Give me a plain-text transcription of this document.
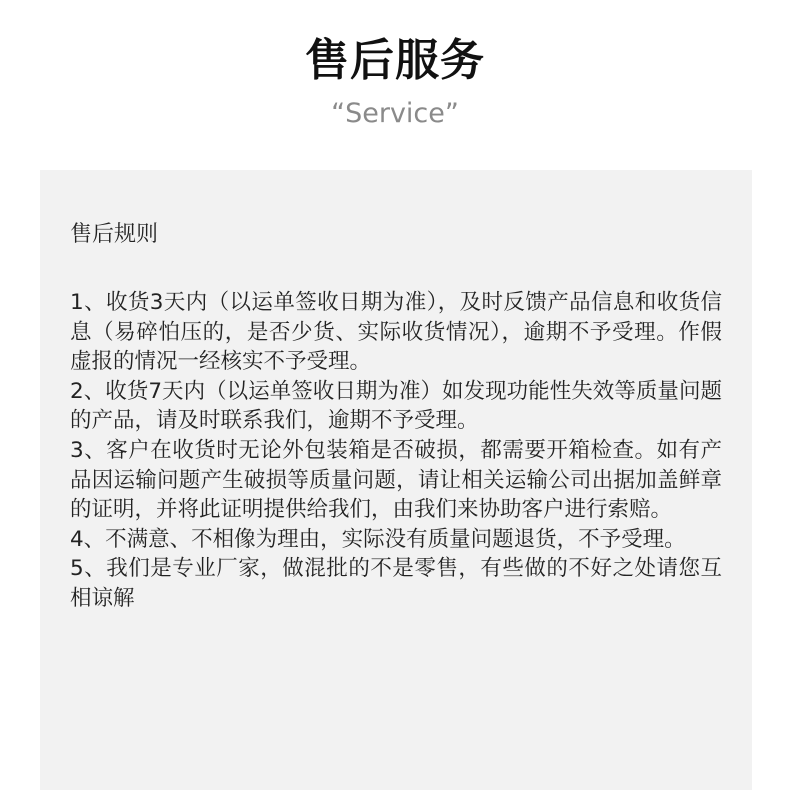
售后服务
“Service”
售后规则
1、收货3天内（以运单签收日期为准），及时反馈产品信息和收货信息（易碎怕压的，是否少货、实际收货情况），逾期不予受理。作假虚报的情况一经核实不予受理。
2、收货7天内（以运单签收日期为准）如发现功能性失效等质量问题的产品，请及时联系我们，逾期不予受理。
3、客户在收货时无论外包装箱是否破损，都需要开箱检查。如有产品因运输问题产生破损等质量问题，请让相关运输公司出据加盖鲜章的证明，并将此证明提供给我们，由我们来协助客户进行索赔。
4、不满意、不相像为理由，实际没有质量问题退货，不予受理。
5、我们是专业厂家，做混批的不是零售，有些做的不好之处请您互相谅解
